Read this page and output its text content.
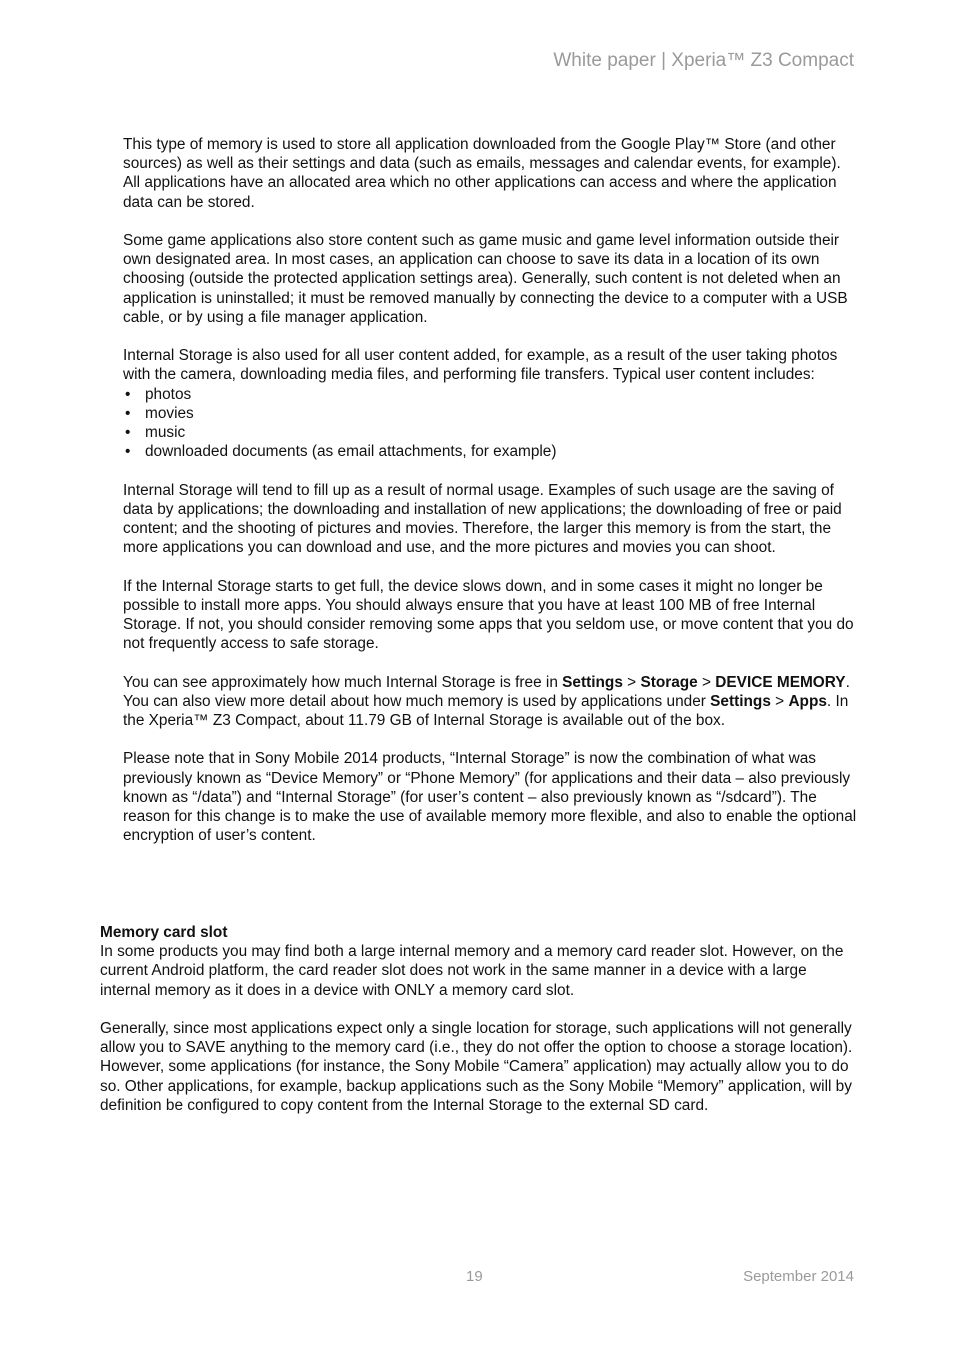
White paper | Xperia™ Z3 Compact

This type of memory is used to store all application downloaded from the Google Play™ Store (and other sources) as well as their settings and data (such as emails, messages and calendar events, for example). All applications have an allocated area which no other applications can access and where the application data can be stored.

Some game applications also store content such as game music and game level information outside their own designated area. In most cases, an application can choose to save its data in a location of its own choosing (outside the protected application settings area). Generally, such content is not deleted when an application is uninstalled; it must be removed manually by connecting the device to a computer with a USB cable, or by using a file manager application.

Internal Storage is also used for all user content added, for example, as a result of the user taking photos with the camera, downloading media files, and performing file transfers. Typical user content includes:

• photos
• movies
• music
• downloaded documents (as email attachments, for example)

Internal Storage will tend to fill up as a result of normal usage. Examples of such usage are the saving of data by applications; the downloading and installation of new applications; the downloading of free or paid content; and the shooting of pictures and movies. Therefore, the larger this memory is from the start, the more applications you can download and use, and the more pictures and movies you can shoot.

If the Internal Storage starts to get full, the device slows down, and in some cases it might no longer be possible to install more apps. You should always ensure that you have at least 100 MB of free Internal Storage. If not, you should consider removing some apps that you seldom use, or move content that you do not frequently access to safe storage.

You can see approximately how much Internal Storage is free in Settings > Storage > DEVICE MEMORY. You can also view more detail about how much memory is used by applications under Settings > Apps. In the Xperia™ Z3 Compact, about 11.79 GB of Internal Storage is available out of the box.

Please note that in Sony Mobile 2014 products, “Internal Storage” is now the combination of what was previously known as “Device Memory” or “Phone Memory” (for applications and their data – also previously known as “/data”) and “Internal Storage” (for user’s content – also previously known as “/sdcard”). The reason for this change is to make the use of available memory more flexible, and also to enable the optional encryption of user’s content.

Memory card slot

In some products you may find both a large internal memory and a memory card reader slot. However, on the current Android platform, the card reader slot does not work in the same manner in a device with a large internal memory as it does in a device with ONLY a memory card slot.

Generally, since most applications expect only a single location for storage, such applications will not generally allow you to SAVE anything to the memory card (i.e., they do not offer the option to choose a storage location). However, some applications (for instance, the Sony Mobile “Camera” application) may actually allow you to do so. Other applications, for example, backup applications such as the Sony Mobile “Memory” application, will by definition be configured to copy content from the Internal Storage to the external SD card.

19	September 2014
